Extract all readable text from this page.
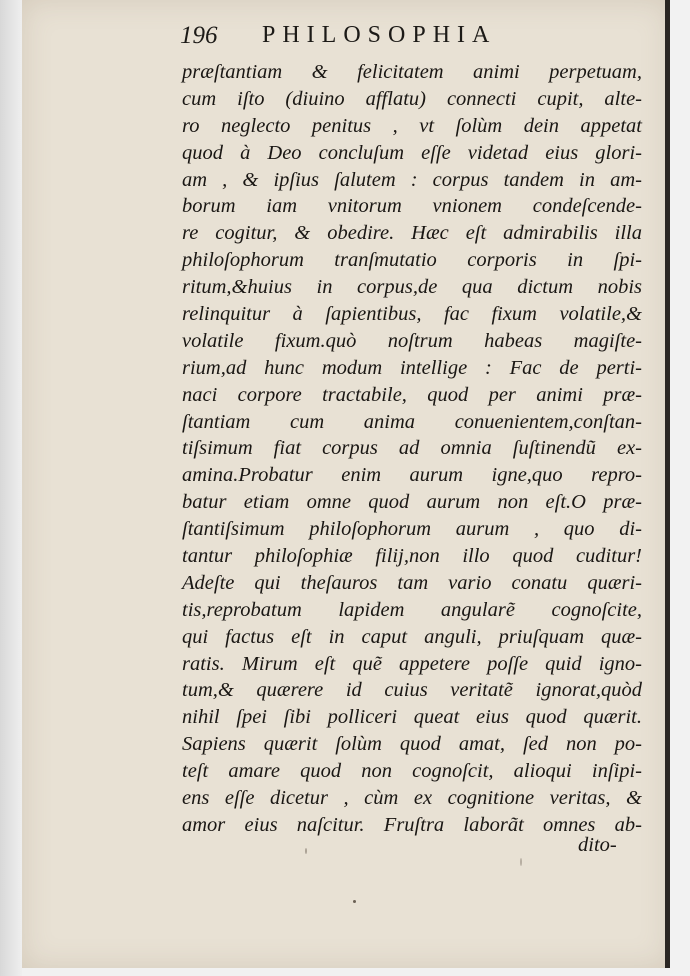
196 PHILOSOPHIA
præſtantiam & felicitatem animi perpetuam,
cum iſto (diuino afflatu) connecti cupit, alte-
ro neglecto penitus , vt ſolùm dein appetat
quod à Deo concluſum eſſe videtad eius glori-
am , & ipſius ſalutem : corpus tandem in am-
borum iam vnitorum vnionem condeſcende-
re cogitur, & obedire. Hæc eſt admirabilis illa
philoſophorum tranſmutatio corporis in ſpi-
ritum,&huius in corpus,de qua dictum nobis
relinquitur à ſapientibus, fac fixum volatile,&
volatile fixum.quò noſtrum habeas magiſte-
rium,ad hunc modum intellige : Fac de perti-
naci corpore tractabile, quod per animi præ-
ſtantiam cum anima conuenientem,conſtan-
tiſsimum fiat corpus ad omnia ſuſtinendũ ex-
amina.Probatur enim aurum igne,quo repro-
batur etiam omne quod aurum non eſt.O præ-
ſtantiſsimum philoſophorum aurum , quo di-
tantur philoſophiæ filij,non illo quod cuditur!
Adeſte qui theſauros tam vario conatu quæri-
tis,reprobatum lapidem angularẽ cognoſcite,
qui factus eſt in caput anguli, priuſquam quæ-
ratis. Mirum eſt quẽ appetere poſſe quid igno-
tum,& quærere id cuius veritatẽ ignorat,quòd
nihil ſpei ſibi polliceri queat eius quod quærit.
Sapiens quærit ſolùm quod amat, ſed non po-
teſt amare quod non cognoſcit, alioqui inſipi-
ens eſſe dicetur , cùm ex cognitione veritas, &
amor eius naſcitur. Fruſtra laborãt omnes ab-
dito-
